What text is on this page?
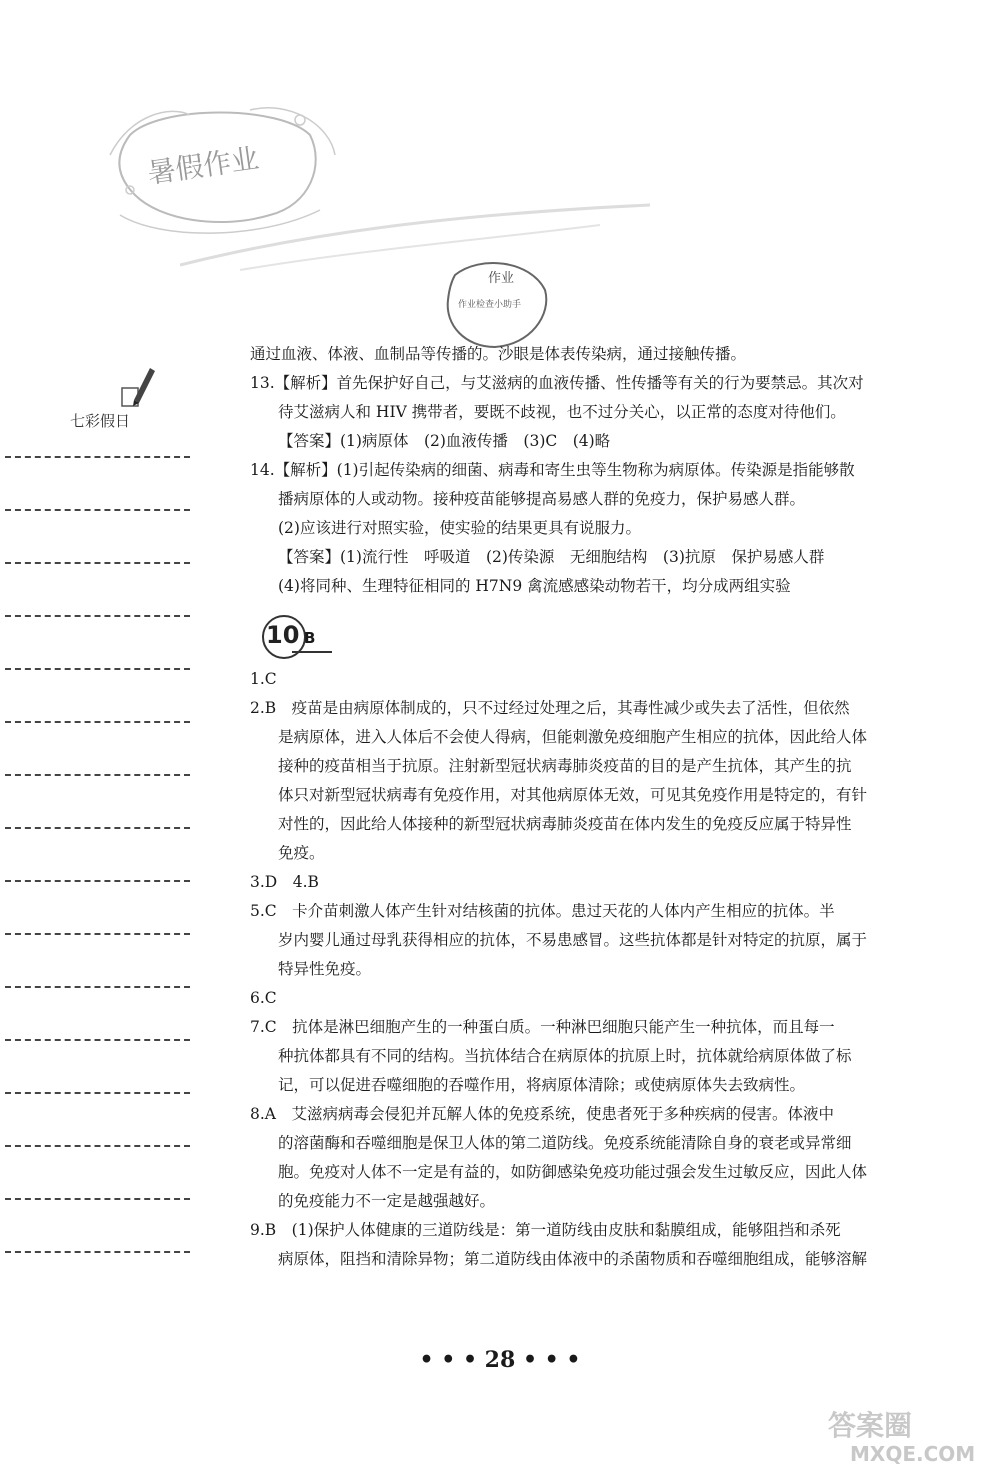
暑假作业
作业
作业检查小助手
七彩假日
通过血液、体液、血制品等传播的。沙眼是体表传染病，通过接触传播。
13.【解析】首先保护好自己，与艾滋病的血液传播、性传播等有关的行为要禁忌。其次对
待艾滋病人和 HIV 携带者，要既不歧视，也不过分关心，以正常的态度对待他们。
【答案】(1)病原体　(2)血液传播　(3)C　(4)略
14.【解析】(1)引起传染病的细菌、病毒和寄生虫等生物称为病原体。传染源是指能够散
播病原体的人或动物。接种疫苗能够提高易感人群的免疫力，保护易感人群。
(2)应该进行对照实验，使实验的结果更具有说服力。
【答案】(1)流行性　呼吸道　(2)传染源　无细胞结构　(3)抗原　保护易感人群
(4)将同种、生理特征相同的 H7N9 禽流感感染动物若干，均分成两组实验
10 B
1.C
2.B　疫苗是由病原体制成的，只不过经过处理之后，其毒性减少或失去了活性，但依然
是病原体，进入人体后不会使人得病，但能刺激免疫细胞产生相应的抗体，因此给人体
接种的疫苗相当于抗原。注射新型冠状病毒肺炎疫苗的目的是产生抗体，其产生的抗
体只对新型冠状病毒有免疫作用，对其他病原体无效，可见其免疫作用是特定的，有针
对性的，因此给人体接种的新型冠状病毒肺炎疫苗在体内发生的免疫反应属于特异性
免疫。
3.D　4.B
5.C　卡介苗刺激人体产生针对结核菌的抗体。患过天花的人体内产生相应的抗体。半
岁内婴儿通过母乳获得相应的抗体，不易患感冒。这些抗体都是针对特定的抗原，属于
特异性免疫。
6.C
7.C　抗体是淋巴细胞产生的一种蛋白质。一种淋巴细胞只能产生一种抗体，而且每一
种抗体都具有不同的结构。当抗体结合在病原体的抗原上时，抗体就给病原体做了标
记，可以促进吞噬细胞的吞噬作用，将病原体清除；或使病原体失去致病性。
8.A　艾滋病病毒会侵犯并瓦解人体的免疫系统，使患者死于多种疾病的侵害。体液中
的溶菌酶和吞噬细胞是保卫人体的第二道防线。免疫系统能清除自身的衰老或异常细
胞。免疫对人体不一定是有益的，如防御感染免疫功能过强会发生过敏反应，因此人体
的免疫能力不一定是越强越好。
9.B　(1)保护人体健康的三道防线是：第一道防线由皮肤和黏膜组成，能够阻挡和杀死
病原体，阻挡和清除异物；第二道防线由体液中的杀菌物质和吞噬细胞组成，能够溶解
• • • 28 • • •
答案圈
MXQE.COM
